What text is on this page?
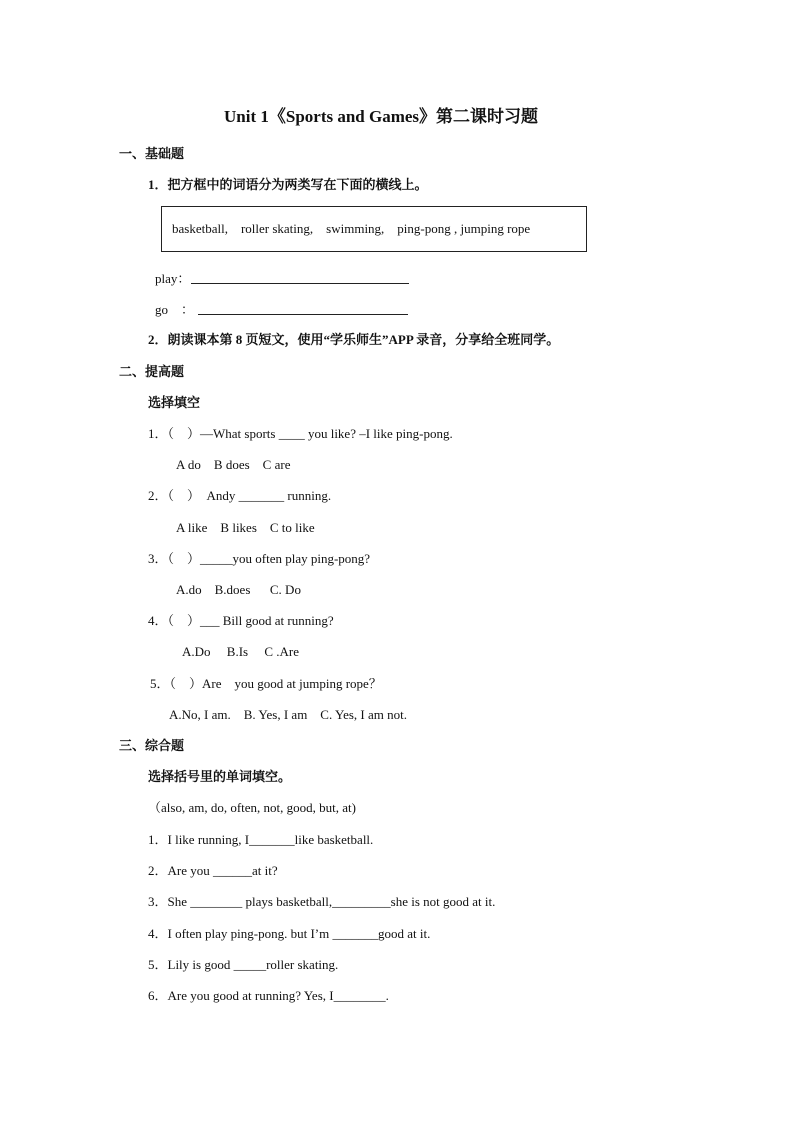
Unit 1《Sports and Games》第二课时习题
一、基础题
1．把方框中的词语分为两类写在下面的横线上。
basketball,    roller skating,    swimming,    ping-pong , jumping rope
play：
go    ：
2．朗读课本第 8 页短文，使用“学乐师生”APP 录音，分享给全班同学。
二、提高题
选择填空
1．（    ）—What sports ____ you like? –I like ping-pong.
A do    B does    C are
2．（    ）  Andy _______ running.
A like    B likes    C to like
3．（    ）_____you often play ping-pong?
A.do    B.does      C. Do
4．（    ）___ Bill good at running?
A.Do     B.Is     C .Are
5．（    ）Are    you good at jumping rope？
A.No, I am.    B. Yes, I am    C. Yes, I am not.
三、综合题
选择括号里的单词填空。
（also, am, do, often, not, good, but, at)
1．I like running, I_______like basketball.
2．Are you ______at it?
3．She ________ plays basketball,_________she is not good at it.
4．I often play ping-pong. but I’m _______good at it.
5．Lily is good _____roller skating.
6．Are you good at running? Yes, I________.
